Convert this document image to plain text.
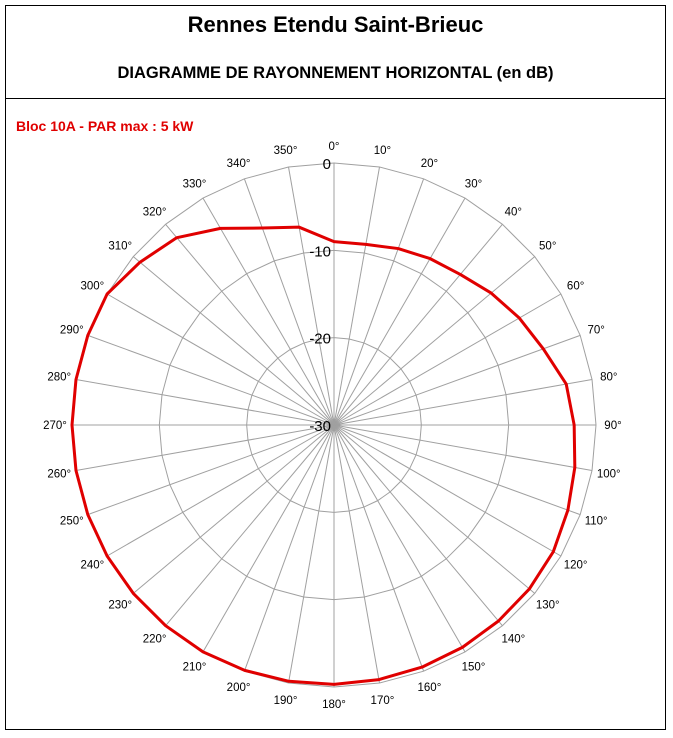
Rennes Etendu Saint-Brieuc
DIAGRAMME DE RAYONNEMENT HORIZONTAL (en dB)
Bloc 10A - PAR max : 5 kW
0°	10°
20°
30°
40°
50°
60°
70°
80°
90°
100°
110°
120°
130°
140°
150°
160°
170°
180°
190°
200°
210°
220°
230°
240°
250°
260°
270°
280°
290°
300°
310°
320°
330°
340°
350°
0
-10
-20
-30
